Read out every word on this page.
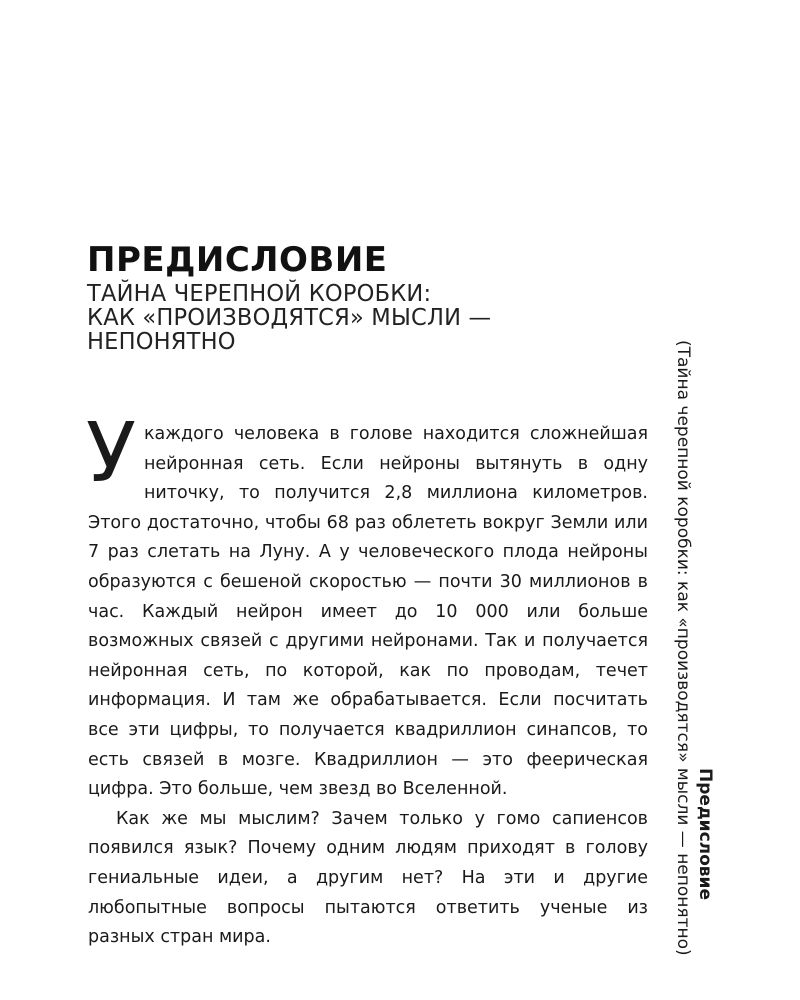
ПРЕДИСЛОВИЕ
ТАЙНА ЧЕРЕПНОЙ КОРОБКИ:
КАК «ПРОИЗВОДЯТСЯ» МЫСЛИ —
НЕПОНЯТНО

Укаждого человека в голове находится сложнейшая нейронная сеть. Если нейроны вытянуть в одну ниточку, то получится 2,8 миллиона километров. Этого достаточно, чтобы 68 раз облететь вокруг Земли или 7 раз слетать на Луну. А у человеческого плода нейроны образуются с бешеной скоростью — почти 30 миллионов в час. Каждый нейрон имеет до 10 000 или больше возможных связей с другими нейронами. Так и получается нейронная сеть, по которой, как по проводам, течет информация. И там же обрабатывается. Если посчитать все эти цифры, то получается квадриллион синапсов, то есть связей в мозге. Квадриллион — это феерическая цифра. Это больше, чем звезд во Вселенной.

Как же мы мыслим? Зачем только у гомо сапиенсов появился язык? Почему одним людям приходят в голову гениальные идеи, а другим нет? На эти и другие любопытные вопросы пытаются ответить ученые из разных стран мира.

Предисловие
(Тайна черепной коробки: как «производятся» мысли — непонятно)
